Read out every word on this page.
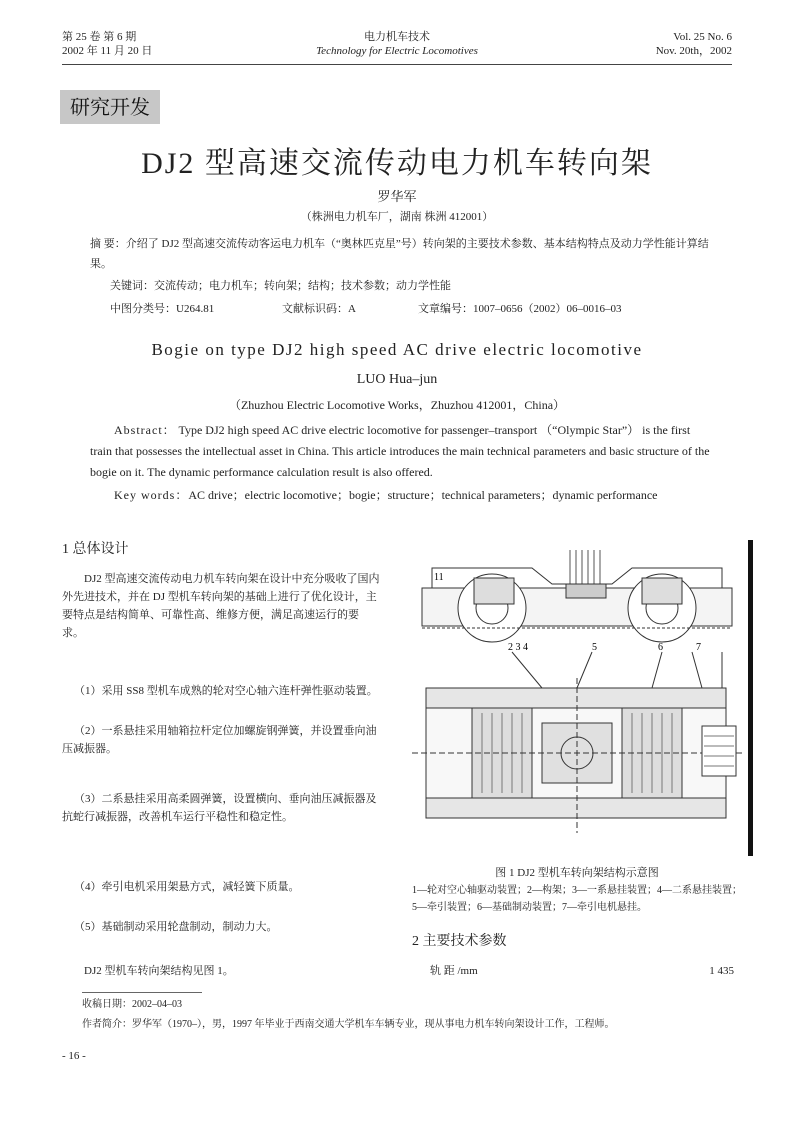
第 25 卷 第 6 期
2002 年 11 月 20 日
电力机车技术
Technology for Electric Locomotives
Vol. 25 No. 6
Nov. 20th，2002
研究开发
DJ2 型高速交流传动电力机车转向架
罗华军
（株洲电力机车厂，湖南 株洲 412001）
摘 要：介绍了 DJ2 型高速交流传动客运电力机车（“奥林匹克星”号）转向架的主要技术参数、基本结构特点及动力学性能计算结果。
关键词：交流传动；电力机车；转向架；结构；技术参数；动力学性能
中图分类号：U264.81	文献标识码：A	文章编号：1007–0656（2002）06–0016–03
Bogie on type DJ2 high speed AC drive electric locomotive
LUO Hua–jun
（Zhuzhou Electric Locomotive Works，Zhuzhou 412001，China）
Abstract： Type DJ2 high speed AC drive electric locomotive for passenger–transport （“Olympic Star”） is the first train that possesses the intellectual asset in China. This article introduces the main technical parameters and basic structure of the bogie on it. The dynamic performance calculation result is also offered.
Key words：AC drive；electric locomotive；bogie；structure；technical parameters；dynamic performance
1 总体设计
DJ2 型高速交流传动电力机车转向架在设计中充分吸收了国内外先进技术，并在 DJ 型机车转向架的基础上进行了优化设计，主要特点是结构简单、可靠性高、维修方便，满足高速运行的要求。
（1）采用 SS8 型机车成熟的轮对空心轴六连杆弹性驱动装置。
（2）一系悬挂采用轴箱拉杆定位加螺旋钢弹簧，并设置垂向油压减振器。
（3）二系悬挂采用高柔圆弹簧，设置横向、垂向油压减振器及抗蛇行减振器，改善机车运行平稳性和稳定性。
（4）牵引电机采用架悬方式，减轻簧下质量。
（5）基础制动采用轮盘制动，制动力大。
DJ2 型机车转向架结构见图 1。
11
2 3 4	5	6	7
图 1 DJ2 型机车转向架结构示意图
1—轮对空心轴驱动装置；2—构架；3—一系悬挂装置；4—二系悬挂装置；5—牵引装置；6—基础制动装置；7—牵引电机悬挂。
2 主要技术参数
轨 距 /mm	1 435
收稿日期：2002–04–03
作者简介：罗华军（1970–），男，1997 年毕业于西南交通大学机车车辆专业，现从事电力机车转向架设计工作，工程师。
- 16 -
